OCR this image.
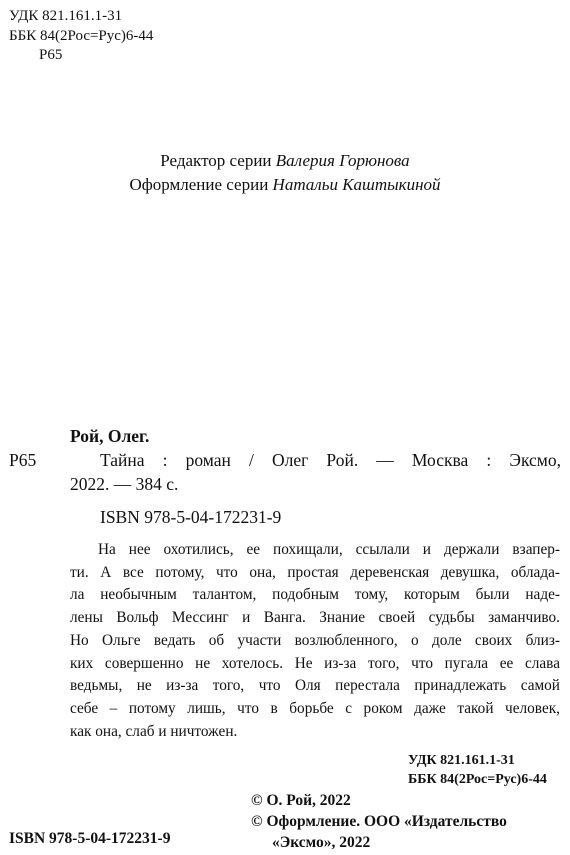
УДК 821.161.1-31
ББК 84(2Рос=Рус)6-44
Р65
Редактор серии Валерия Горюнова
Оформление серии Натальи Каштыкиной
Рой, Олег.
Р65	Тайна : роман / Олег Рой. — Москва : Эксмо,
2022. — 384 с.
ISBN 978-5-04-172231-9
На нее охотились, ее похищали, ссылали и держали взапер-
ти. А все потому, что она, простая деревенская девушка, облада-
ла необычным талантом, подобным тому, которым были наде-
лены Вольф Мессинг и Ванга. Знание своей судьбы заманчиво.
Но Ольге ведать об участи возлюбленного, о доле своих близ-
ких совершенно не хотелось. Не из-за того, что пугала ее слава
ведьмы, не из-за того, что Оля перестала принадлежать самой
себе – потому лишь, что в борьбе с роком даже такой человек,
как она, слаб и ничтожен.
УДК 821.161.1-31
ББК 84(2Рос=Рус)6-44
© О. Рой, 2022
© Оформление. ООО «Издательство
«Эксмо», 2022
ISBN 978-5-04-172231-9
